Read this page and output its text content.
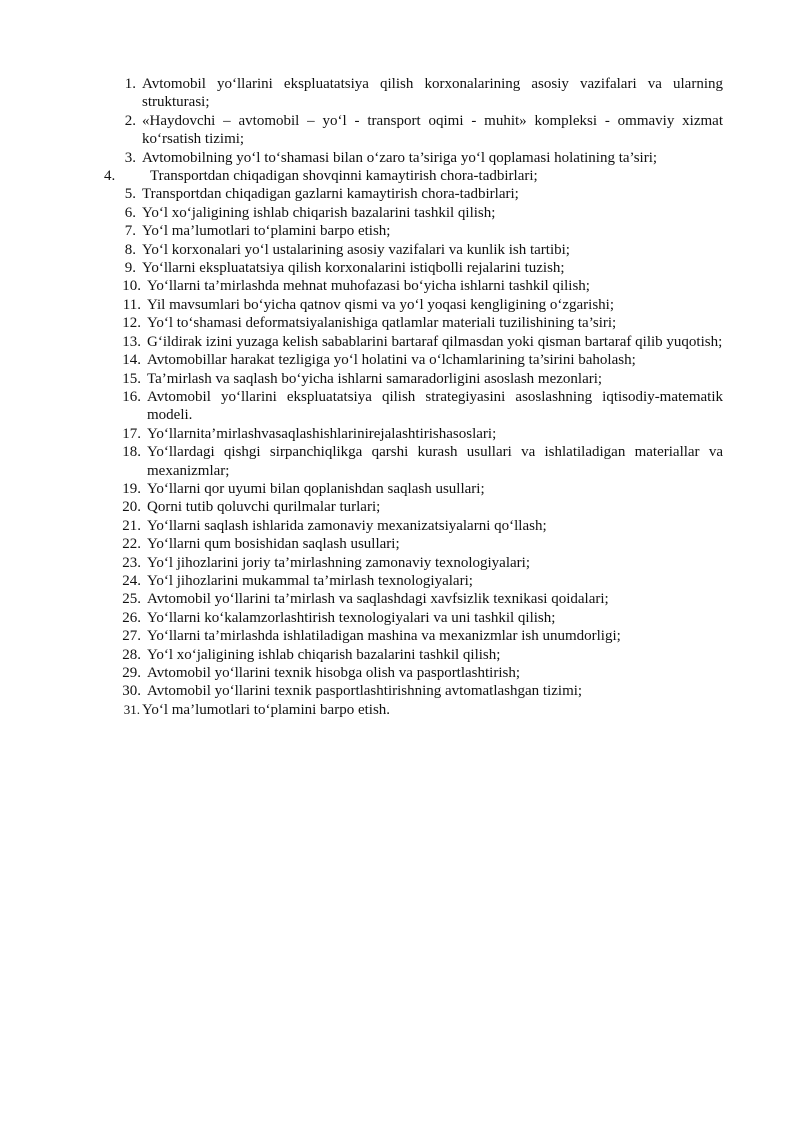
1. Avtomobil yo‘llarini ekspluatatsiya qilish korxonalarining asosiy vazifalari va ularning strukturasi;
2. «Haydovchi – avtomobil – yo‘l - transport oqimi - muhit» kompleksi - ommaviy xizmat ko‘rsatish tizimi;
3. Avtomobilning yo‘l to‘shamasi bilan o‘zaro ta’siriga yo‘l qoplamasi holatining ta’siri;
4.	Transportdan chiqadigan shovqinni kamaytirish chora-tadbirlari;
5. Transportdan chiqadigan gazlarni kamaytirish chora-tadbirlari;
6. Yo‘l xo‘jaligining ishlab chiqarish bazalarini tashkil qilish;
7. Yo‘l ma’lumotlari to‘plamini barpo etish;
8. Yo‘l korxonalari yo‘l ustalarining asosiy vazifalari va kunlik ish tartibi;
9. Yo‘llarni ekspluatatsiya qilish korxonalarini istiqbolli rejalarini tuzish;
10. Yo‘llarni ta’mirlashda mehnat muhofazasi bo‘yicha ishlarni tashkil qilish;
11. Yil mavsumlari bo‘yicha qatnov qismi va yo‘l yoqasi kengligining o‘zgarishi;
12. Yo‘l to‘shamasi deformatsiyalanishiga qatlamlar materiali tuzilishining ta’siri;
13. G‘ildirak izini yuzaga kelish sabablarini bartaraf qilmasdan yoki qisman bartaraf qilib yuqotish;
14. Avtomobillar harakat tezligiga yo‘l holatini va o‘lchamlarining ta’sirini baholash;
15. Ta’mirlash va saqlash bo‘yicha ishlarni samaradorligini asoslash mezonlari;
16. Avtomobil yo‘llarini ekspluatatsiya qilish strategiyasini asoslashning iqtisodiy-matematik modeli.
17. Yo‘llarnita’mirlashvasaqlashishlarinirejalashtirishasoslari;
18. Yo‘llardagi qishgi sirpanchiqlikga qarshi kurash usullari va ishlatiladigan materiallar va mexanizmlar;
19. Yo‘llarni qor uyumi bilan qoplanishdan saqlash usullari;
20. Qorni tutib qoluvchi qurilmalar turlari;
21. Yo‘llarni saqlash ishlarida zamonaviy mexanizatsiyalarni qo‘llash;
22. Yo‘llarni qum bosishidan saqlash usullari;
23. Yo‘l jihozlarini joriy ta’mirlashning zamonaviy texnologiyalari;
24. Yo‘l jihozlarini mukammal ta’mirlash texnologiyalari;
25. Avtomobil yo‘llarini ta’mirlash va saqlashdagi xavfsizlik texnikasi qoidalari;
26. Yo‘llarni ko‘kalamzorlashtirish texnologiyalari va uni tashkil qilish;
27. Yo‘llarni ta’mirlashda ishlatiladigan mashina va mexanizmlar ish unumdorligi;
28. Yo‘l xo‘jaligining ishlab chiqarish bazalarini tashkil qilish;
29. Avtomobil yo‘llarini texnik hisobga olish va pasportlashtirish;
30. Avtomobil yo‘llarini texnik pasportlashtirishning avtomatlashgan tizimi;
31. Yo‘l ma’lumotlari to‘plamini barpo etish.
